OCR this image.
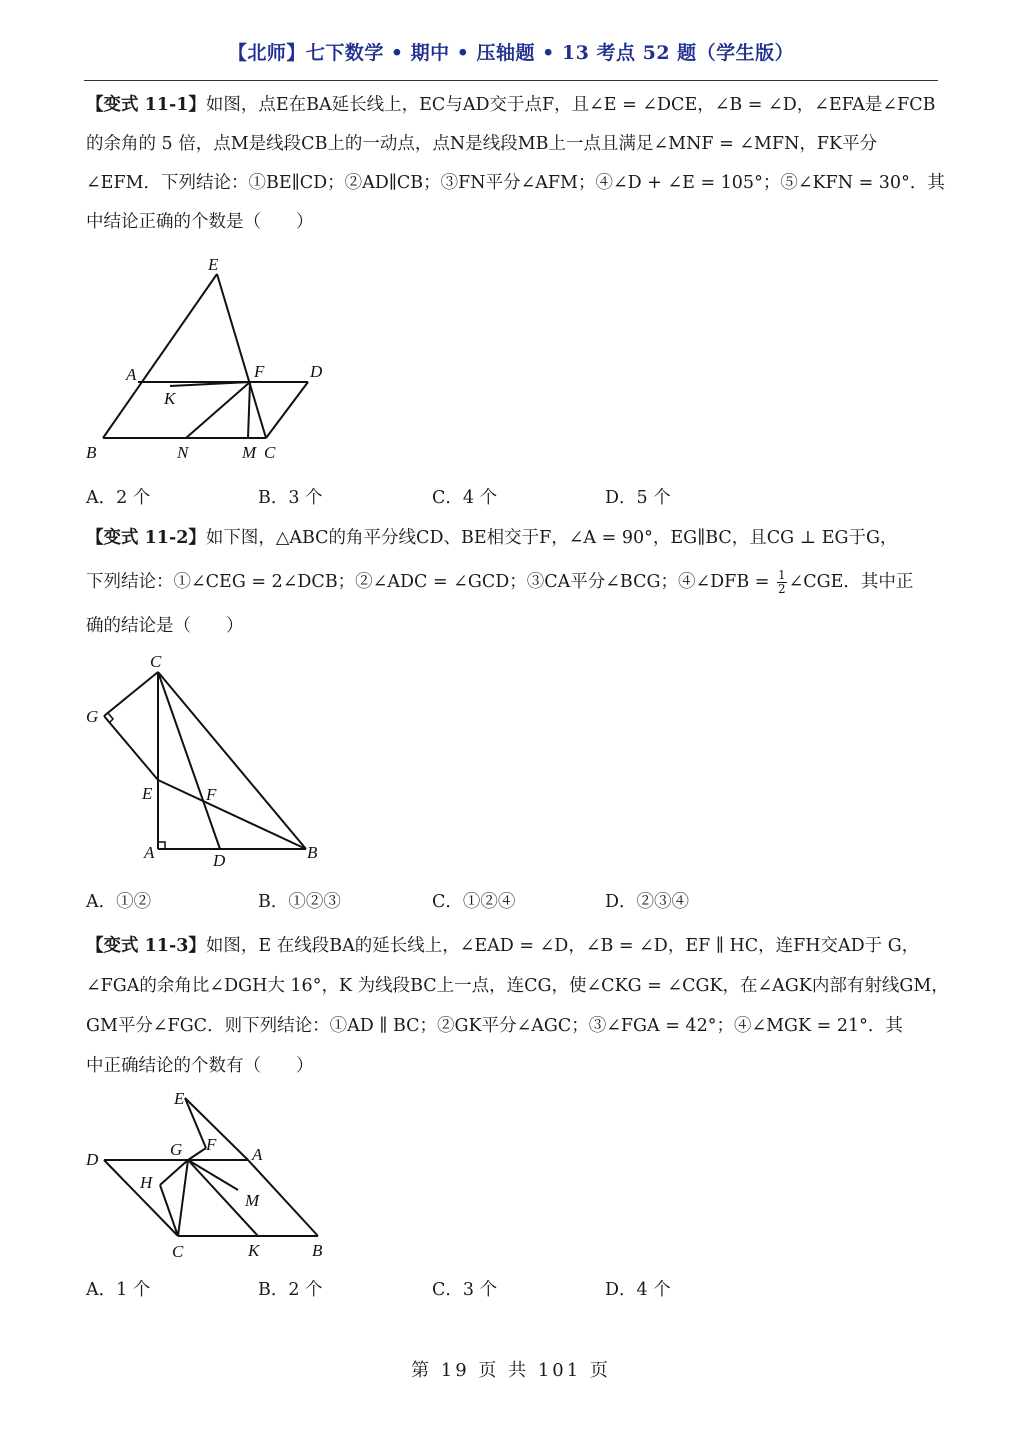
【北师】七下数学 • 期中 • 压轴题 • 13 考点 52 题（学生版）

【变式 11-1】如图，点E在BA延长线上，EC与AD交于点F，且∠E = ∠DCE，∠B = ∠D，∠EFA是∠FCB

的余角的 5 倍，点M是线段CB上的一动点，点N是线段MB上一点且满足∠MNF = ∠MFN，FK平分

∠EFM．下列结论：①BE∥CD；②AD∥CB；③FN平分∠AFM；④∠D + ∠E = 105°；⑤∠KFN = 30°．其

中结论正确的个数是（　　）

E
A	F	D
K
B	N	M C
A．2 个	B．3 个	C．4 个	D．5 个

【变式 11-2】如下图，△ABC的角平分线CD、BE相交于F，∠A = 90°，EG∥BC，且CG ⊥ EG于G，

下列结论：①∠CEG = 2∠DCB；②∠ADC = ∠GCD；③CA平分∠BCG；④∠DFB = $\frac{1}{2}$ ∠CGE．其中正

确的结论是（　　）

C
G
E	F
A	D	B
A．①②	B．①②③	C．①②④	D．②③④

【变式 11-3】如图，E 在线段BA的延长线上，∠EAD = ∠D，∠B = ∠D，EF ∥ HC，连FH交AD于 G，

∠FGA的余角比∠DGH大 16°，K 为线段BC上一点，连CG，使∠CKG = ∠CGK，在∠AGK内部有射线GM，

GM平分∠FGC．则下列结论：①AD ∥ BC；②GK平分∠AGC；③∠FGA = 42°；④∠MGK = 21°．其

中正确结论的个数有（　　）

E
D
G F
A
H
M
C	K	B
A．1 个	B．2 个	C．3 个	D．4 个
第 19 页 共 101 页
